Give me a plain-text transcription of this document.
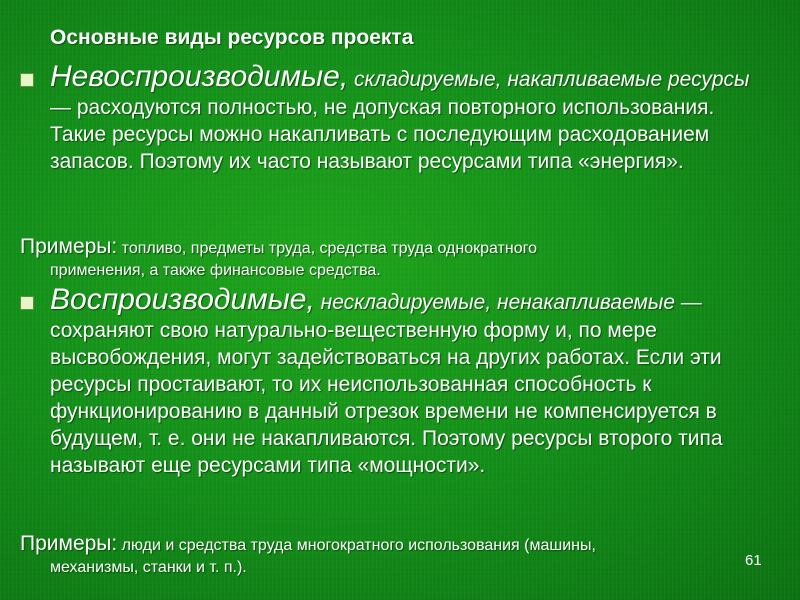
Основные виды ресурсов проекта
Невоспроизводимые, складируемые, накапливаемые ресурсы — расходуются полностью, не допуская повторного использования. Такие ресурсы можно накапливать с последующим расходованием запасов. Поэтому их часто называют ресурсами типа «энергия».
Примеры: топливо, предметы труда, средства труда однократного
применения, а также финансовые средства.
Воспроизводимые, нескладируемые, ненакапливаемые —сохраняют свою натурально-вещественную форму и, по мере высвобождения, могут задействоваться на других работах. Если эти ресурсы простаивают, то их неиспользованная способность к функционированию в данный отрезок времени не компенсируется в будущем, т. е. они не накапливаются. Поэтому ресурсы второго типа называют еще ресурсами типа «мощности».
Примеры: люди и средства труда многократного использования (машины,
механизмы, станки и т. п.).	61
